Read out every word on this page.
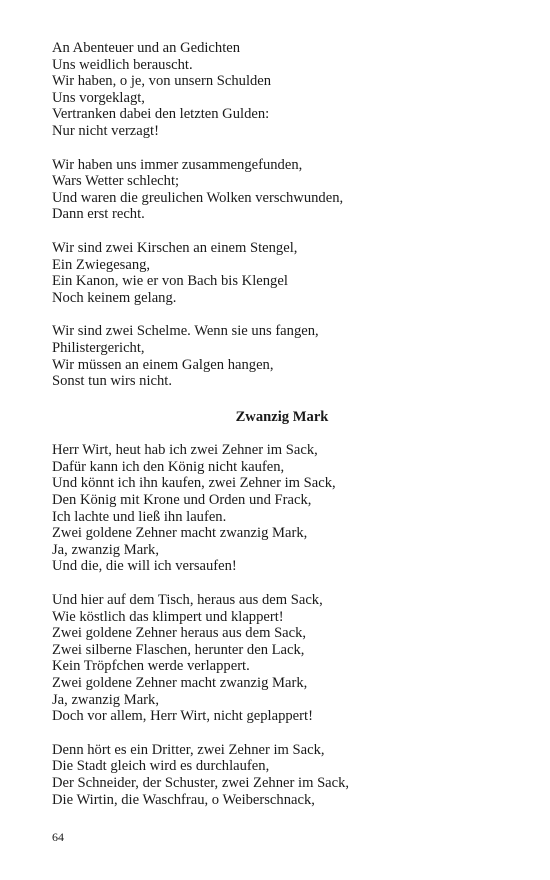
An Abenteuer und an Gedichten
Uns weidlich berauscht.
Wir haben, o je, von unsern Schulden
Uns vorgeklagt,
Vertranken dabei den letzten Gulden:
Nur nicht verzagt!
Wir haben uns immer zusammengefunden,
Wars Wetter schlecht;
Und waren die greulichen Wolken verschwunden,
Dann erst recht.
Wir sind zwei Kirschen an einem Stengel,
Ein Zwiegesang,
Ein Kanon, wie er von Bach bis Klengel
Noch keinem gelang.
Wir sind zwei Schelme. Wenn sie uns fangen,
Philistergericht,
Wir müssen an einem Galgen hangen,
Sonst tun wirs nicht.
Zwanzig Mark
Herr Wirt, heut hab ich zwei Zehner im Sack,
Dafür kann ich den König nicht kaufen,
Und könnt ich ihn kaufen, zwei Zehner im Sack,
Den König mit Krone und Orden und Frack,
Ich lachte und ließ ihn laufen.
Zwei goldene Zehner macht zwanzig Mark,
Ja, zwanzig Mark,
Und die, die will ich versaufen!
Und hier auf dem Tisch, heraus aus dem Sack,
Wie köstlich das klimpert und klappert!
Zwei goldene Zehner heraus aus dem Sack,
Zwei silberne Flaschen, herunter den Lack,
Kein Tröpfchen werde verlappert.
Zwei goldene Zehner macht zwanzig Mark,
Ja, zwanzig Mark,
Doch vor allem, Herr Wirt, nicht geplappert!
Denn hört es ein Dritter, zwei Zehner im Sack,
Die Stadt gleich wird es durchlaufen,
Der Schneider, der Schuster, zwei Zehner im Sack,
Die Wirtin, die Waschfrau, o Weiberschnack,
64
